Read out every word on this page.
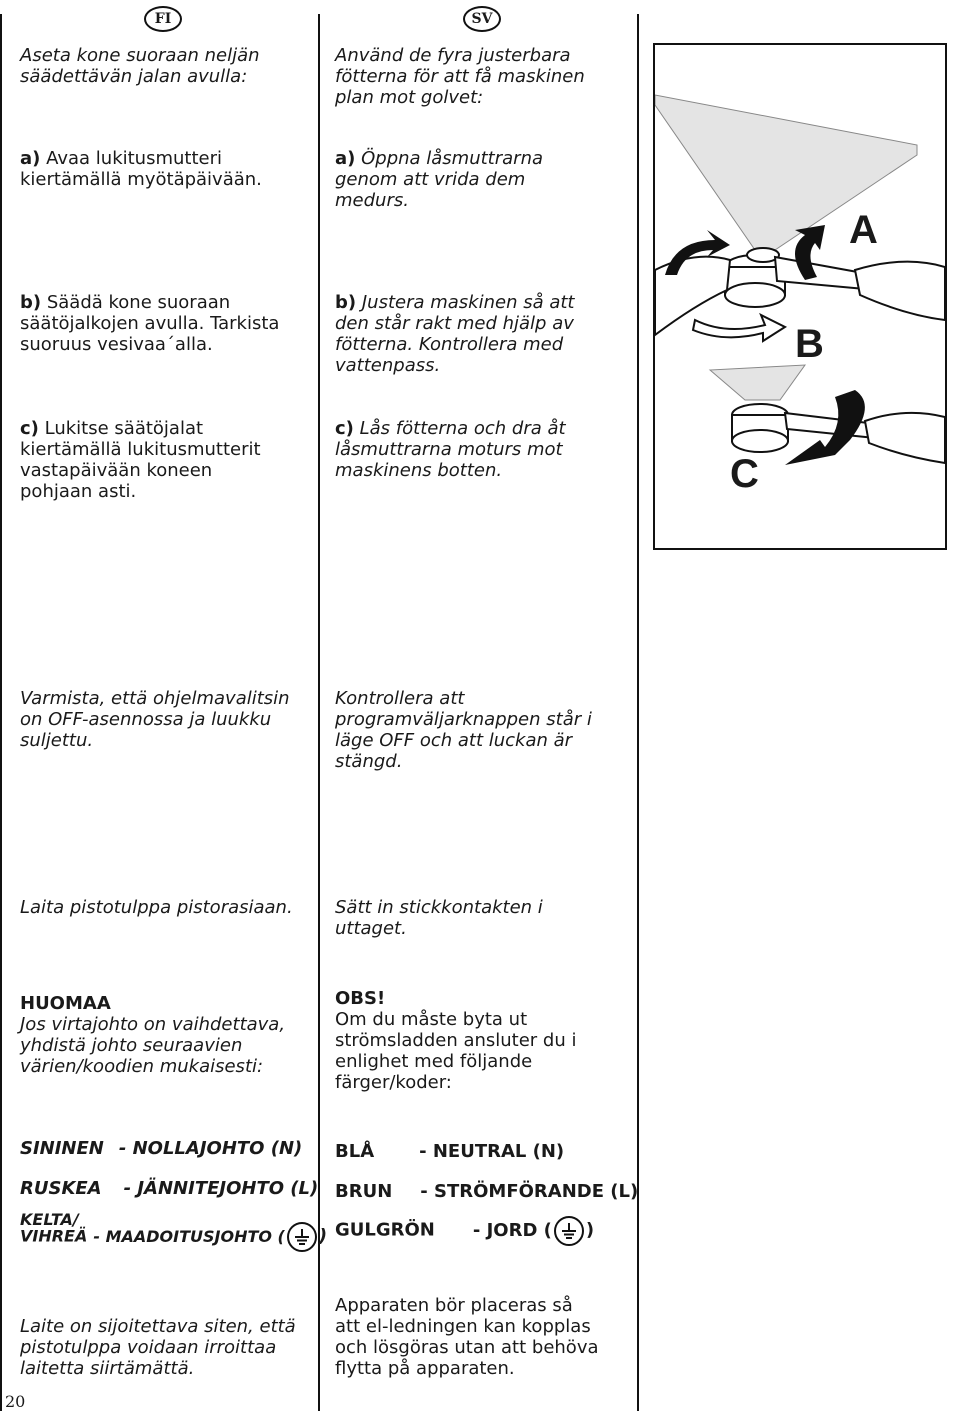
FI	SV
Aseta kone suoraan neljän
säädettävän jalan avulla:
a) Avaa lukitusmutteri
kiertämällä myötäpäivään.
b) Säädä kone suoraan
säätöjalkojen avulla. Tarkista
suoruus vesivaa´alla.
c) Lukitse säätöjalat
kiertämällä lukitusmutterit
vastapäivään koneen
pohjaan asti.
Varmista, että ohjelmavalitsin
on OFF-asennossa ja luukku
suljettu.
Laita pistotulppa pistorasiaan.
HUOMAA
Jos virtajohto on vaihdettava,
yhdistä johto seuraavien
värien/koodien mukaisesti:
SININEN - NOLLAJOHTO (N)
RUSKEA - JÄNNITEJOHTO (L)
KELTA/
VIHREÄ - MAADOITUSJOHTO ( )
Laite on sijoitettava siten, että
pistotulppa voidaan irroittaa
laitetta siirtämättä.
Använd de fyra justerbara
fötterna för att få maskinen
plan mot golvet:
a) Öppna låsmuttrarna
genom att vrida dem
medurs.
b) Justera maskinen så att
den står rakt med hjälp av
fötterna. Kontrollera med
vattenpass.
c) Lås fötterna och dra åt
låsmuttrarna moturs mot
maskinens botten.
Kontrollera att
programväljarknappen står i
läge OFF och att luckan är
stängd.
Sätt in stickkontakten i
uttaget.
OBS!
Om du måste byta ut
strömsladden ansluter du i
enlighet med följande
färger/koder:
BLÅ	- NEUTRAL (N)
BRUN - STRÖMFÖRANDE (L)
GULGRÖN - JORD ( )
Apparaten bör placeras så
att el-ledningen kan kopplas
och lösgöras utan att behöva
flytta på apparaten.
A
B
C
20
